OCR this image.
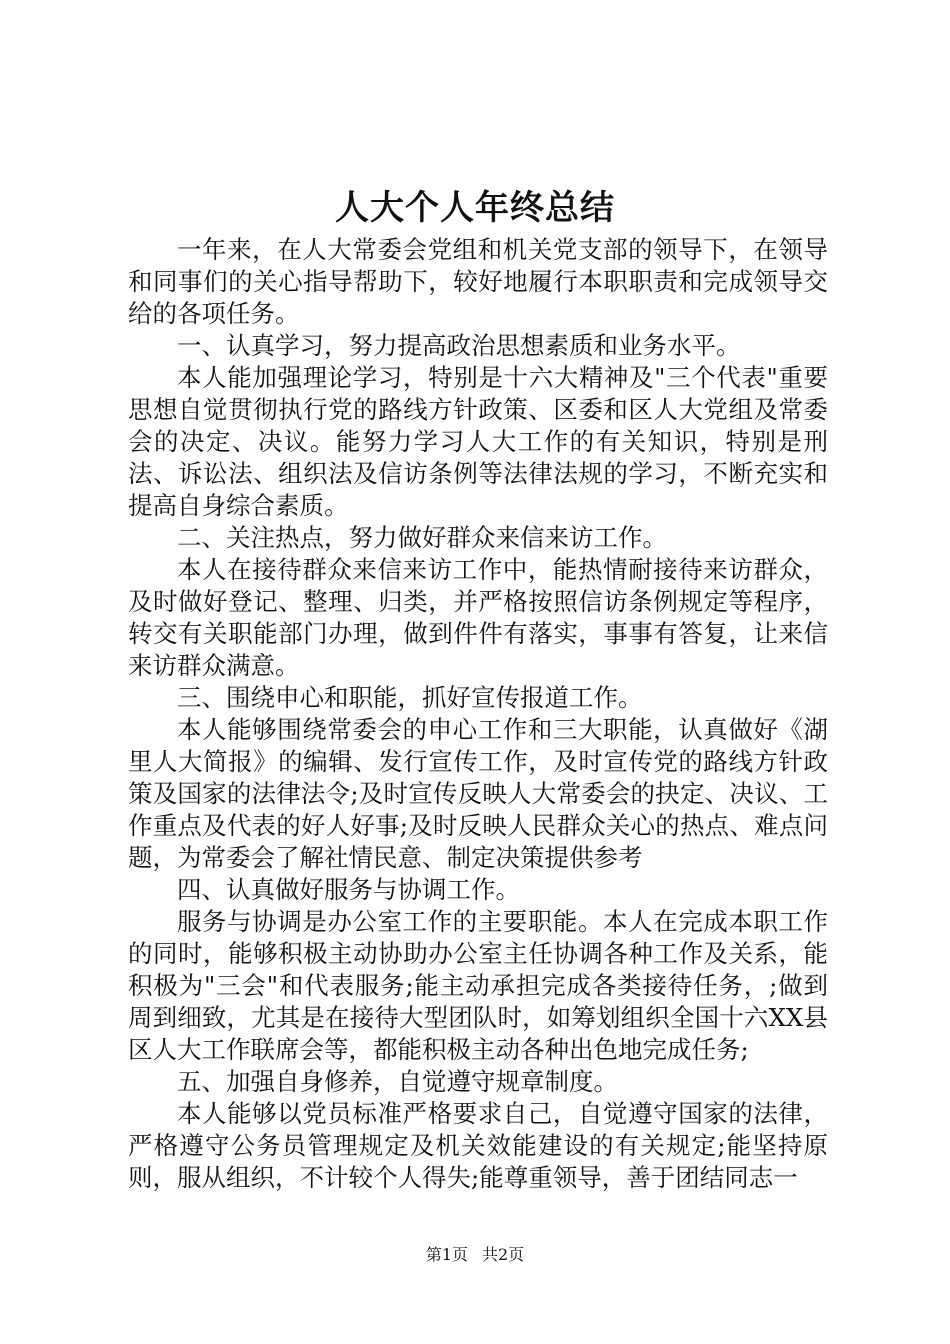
人大个人年终总结

一年来，在人大常委会党组和机关党支部的领导下，在领导和同事们的关心指导帮助下，较好地履行本职职责和完成领导交给的各项任务。

一、认真学习，努力提高政治思想素质和业务水平。

本人能加强理论学习，特别是十六大精神及"三个代表"重要思想自觉贯彻执行党的路线方针政策、区委和区人大党组及常委会的决定、决议。能努力学习人大工作的有关知识，特别是刑法、诉讼法、组织法及信访条例等法律法规的学习，不断充实和提高自身综合素质。

二、关注热点，努力做好群众来信来访工作。

本人在接待群众来信来访工作中，能热情耐接待来访群众，及时做好登记、整理、归类，并严格按照信访条例规定等程序，转交有关职能部门办理，做到件件有落实，事事有答复，让来信来访群众满意。

三、围绕申心和职能，抓好宣传报道工作。

本人能够围绕常委会的申心工作和三大职能，认真做好《湖里人大简报》的编辑、发行宣传工作，及时宣传党的路线方针政策及国家的法律法令;及时宣传反映人大常委会的抉定、决议、工作重点及代表的好人好事;及时反映人民群众关心的热点、难点问题，为常委会了解社情民意、制定决策提供参考

四、认真做好服务与协调工作。

服务与协调是办公室工作的主要职能。本人在完成本职工作的同时，能够积极主动协助办公室主任协调各种工作及关系，能积极为"三会"和代表服务;能主动承担完成各类接待任务，;做到周到细致，尤其是在接待大型团队时，如筹划组织全国十六XX县区人大工作联席会等，都能积极主动各种出色地完成任务;

五、加强自身修养，自觉遵守规章制度。

本人能够以党员标准严格要求自己，自觉遵守国家的法律，严格遵守公务员管理规定及机关效能建设的有关规定;能坚持原则，服从组织，不计较个人得失;能尊重领导，善于团结同志一

第1页 共2页
